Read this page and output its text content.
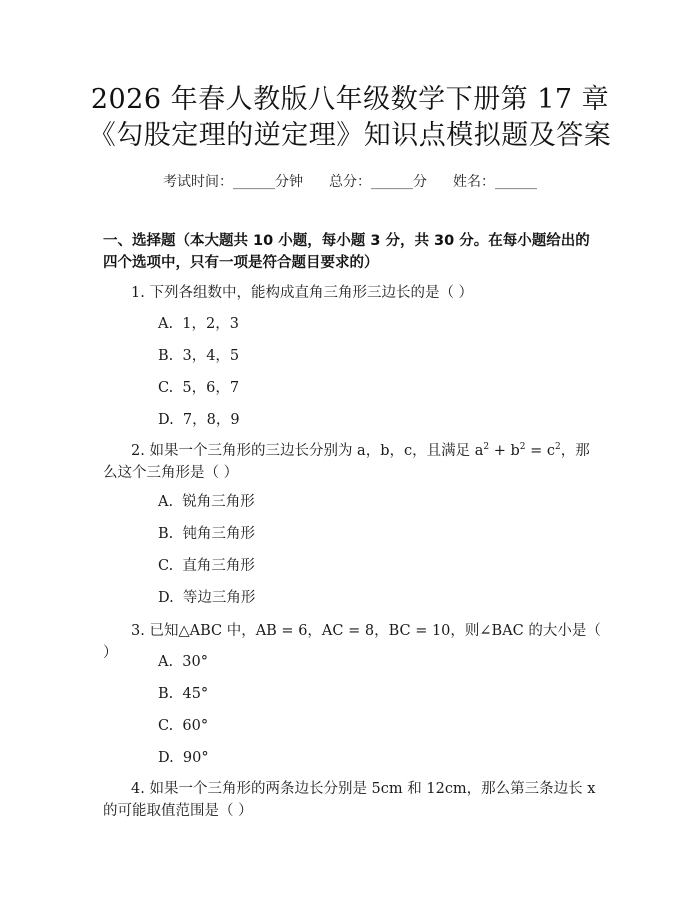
2026 年春人教版八年级数学下册第 17 章
《勾股定理的逆定理》知识点模拟题及答案
考试时间：______分钟 总分：______分 姓名：______
一、选择题（本大题共 10 小题，每小题 3 分，共 30 分。在每小题给出的四个选项中，只有一项是符合题目要求的）
1. 下列各组数中，能构成直角三角形三边长的是（ ）
A.  1，2，3
B.  3，4，5
C.  5，6，7
D.  7，8，9
2. 如果一个三角形的三边长分别为 a，b，c，且满足 $a^2 + b^2 = c^2$，那么这个三角形是（ ）
A.  锐角三角形
B.  钝角三角形
C.  直角三角形
D.  等边三角形
3. 已知△ABC 中，AB = 6，AC = 8，BC = 10，则∠BAC 的大小是（ ）
A.  30°
B.  45°
C.  60°
D.  90°
4. 如果一个三角形的两条边长分别是 5cm 和 12cm，那么第三条边长 x 的可能取值范围是（ ）
